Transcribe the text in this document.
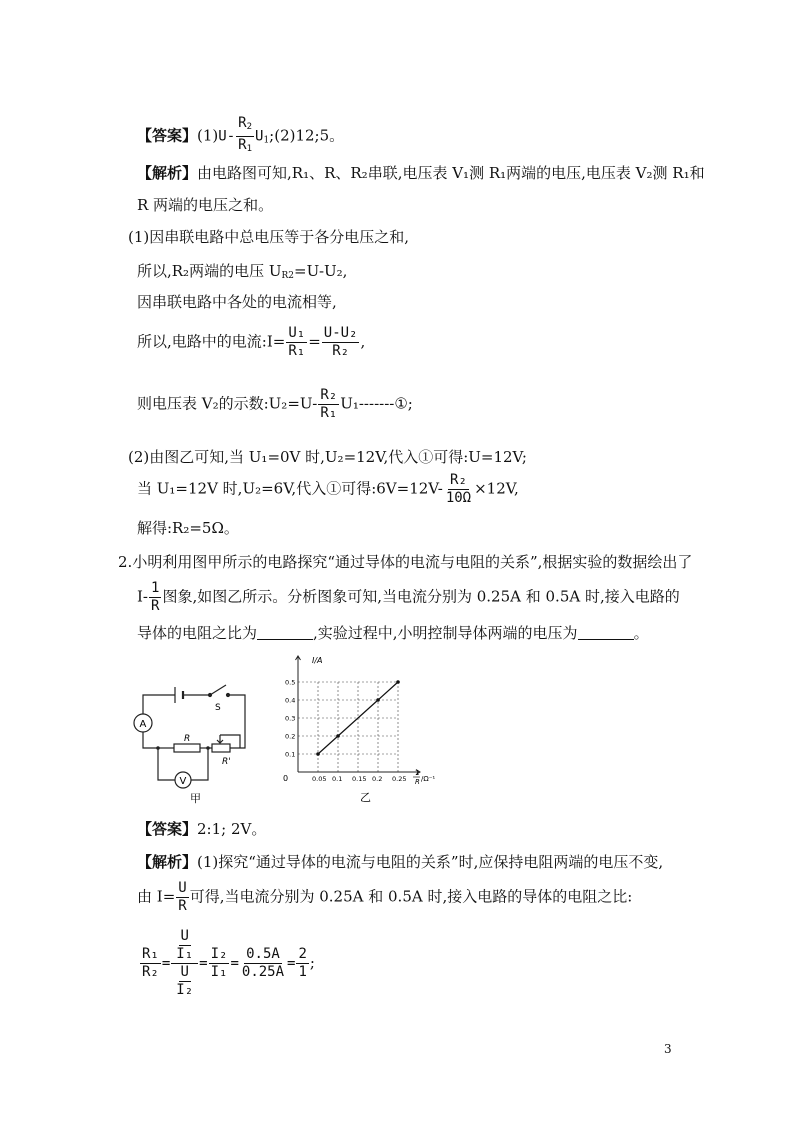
【答案】$(1)U- \frac{R_2}{R_1}$ $U_1;(2)12;5$。
【解析】由电路图可知,R₁、R、R₂串联,电压表 V₁测 R₁两端的电压,电压表 V₂测 R₁和
R 两端的电压之和。
(1)因串联电路中总电压等于各分电压之和,
所以,R₂两端的电压 $U_{R2}=U-U_2$,
因串联电路中各处的电流相等,
所以,电路中的电流:I= $\frac{\text{U₁}}{\text{R₁}} = \frac{\text{U-U₂}}{\text{R₂}}$ ,
则电压表 V₂的示数:U₂=U- $\frac{\text{R₂}}{\text{R₁}}$ U₁-------①;
(2)由图乙可知,当 U₁=0V 时,U₂=12V,代入①可得:U=12V;
当 U₁=12V 时,U₂=6V,代入①可得:6V=12V- $\frac{\text{R₂}}{10\Omega} \times 12V$,
解得:R₂=5Ω。
2.小明利用图甲所示的电路探究“通过导体的电流与电阻的关系”,根据实验的数据绘出了
$I- \frac{1}{R}$ 图象,如图乙所示。分析图象可知,当电流分别为 0.25A 和 0.5A 时,接入电路的
导体的电阻之比为	,实验过程中,小明控制导体两端的电压为	。
A
S
R
R'
V
甲
0.05 0.1 0.15 0.2 0.25
0.1
0.2
0.3
0.4
0.5
I/A
0
1
R /Ω⁻¹
乙
【答案】2:1; 2V。
【解析】(1)探究“通过导体的电流与电阻的关系”时,应保持电阻两端的电压不变,
由 $I= \frac{U}{R}$ 可得,当电流分别为 0.25A 和 0.5A 时,接入电路的导体的电阻之比:
$\frac{\text{R₁}}{\text{R₂}} = \frac{\frac{U}{\text{I₁}}}{\frac{U}{\text{I₂}}} = \frac{\text{I₂}}{\text{I₁}} = \frac{0.5A}{0.25A} = \frac{2}{1}$ ;
3
